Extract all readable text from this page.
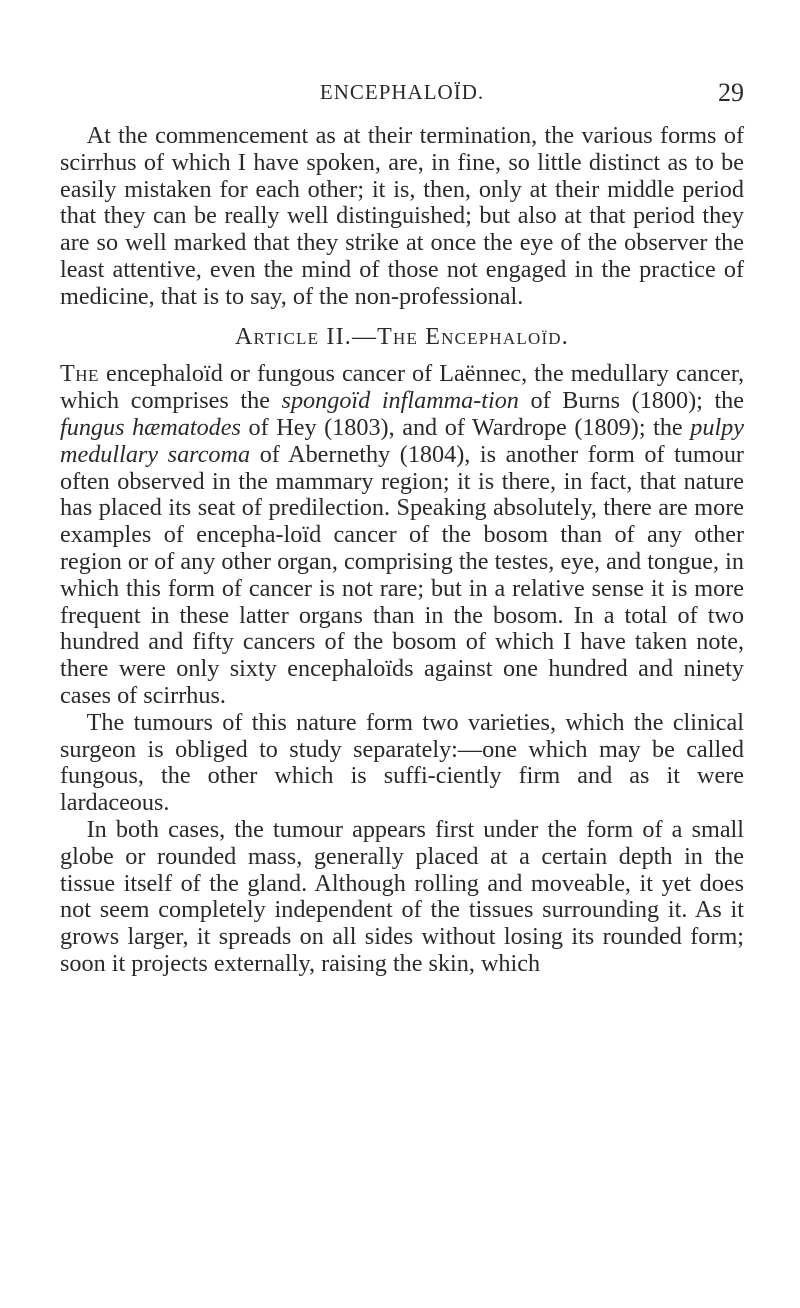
ENCEPHALOÏD.	29

At the commencement as at their termination, the various forms of scirrhus of which I have spoken, are, in fine, so little distinct as to be easily mistaken for each other; it is, then, only at their middle period that they can be really well distinguished; but also at that period they are so well marked that they strike at once the eye of the observer the least attentive, even the mind of those not engaged in the practice of medicine, that is to say, of the non-professional.

Article II.—The Encephaloïd.

The encephaloïd or fungous cancer of Laënnec, the medullary cancer, which comprises the spongoïd inflamma-tion of Burns (1800); the fungus hæmatodes of Hey (1803), and of Wardrope (1809); the pulpy medullary sarcoma of Abernethy (1804), is another form of tumour often observed in the mammary region; it is there, in fact, that nature has placed its seat of predilection. Speaking absolutely, there are more examples of encepha-loïd cancer of the bosom than of any other region or of any other organ, comprising the testes, eye, and tongue, in which this form of cancer is not rare; but in a relative sense it is more frequent in these latter organs than in the bosom. In a total of two hundred and fifty cancers of the bosom of which I have taken note, there were only sixty encephaloïds against one hundred and ninety cases of scirrhus.

The tumours of this nature form two varieties, which the clinical surgeon is obliged to study separately:—one which may be called fungous, the other which is suffi-ciently firm and as it were lardaceous.

In both cases, the tumour appears first under the form of a small globe or rounded mass, generally placed at a certain depth in the tissue itself of the gland. Although rolling and moveable, it yet does not seem completely independent of the tissues surrounding it. As it grows larger, it spreads on all sides without losing its rounded form; soon it projects externally, raising the skin, which
